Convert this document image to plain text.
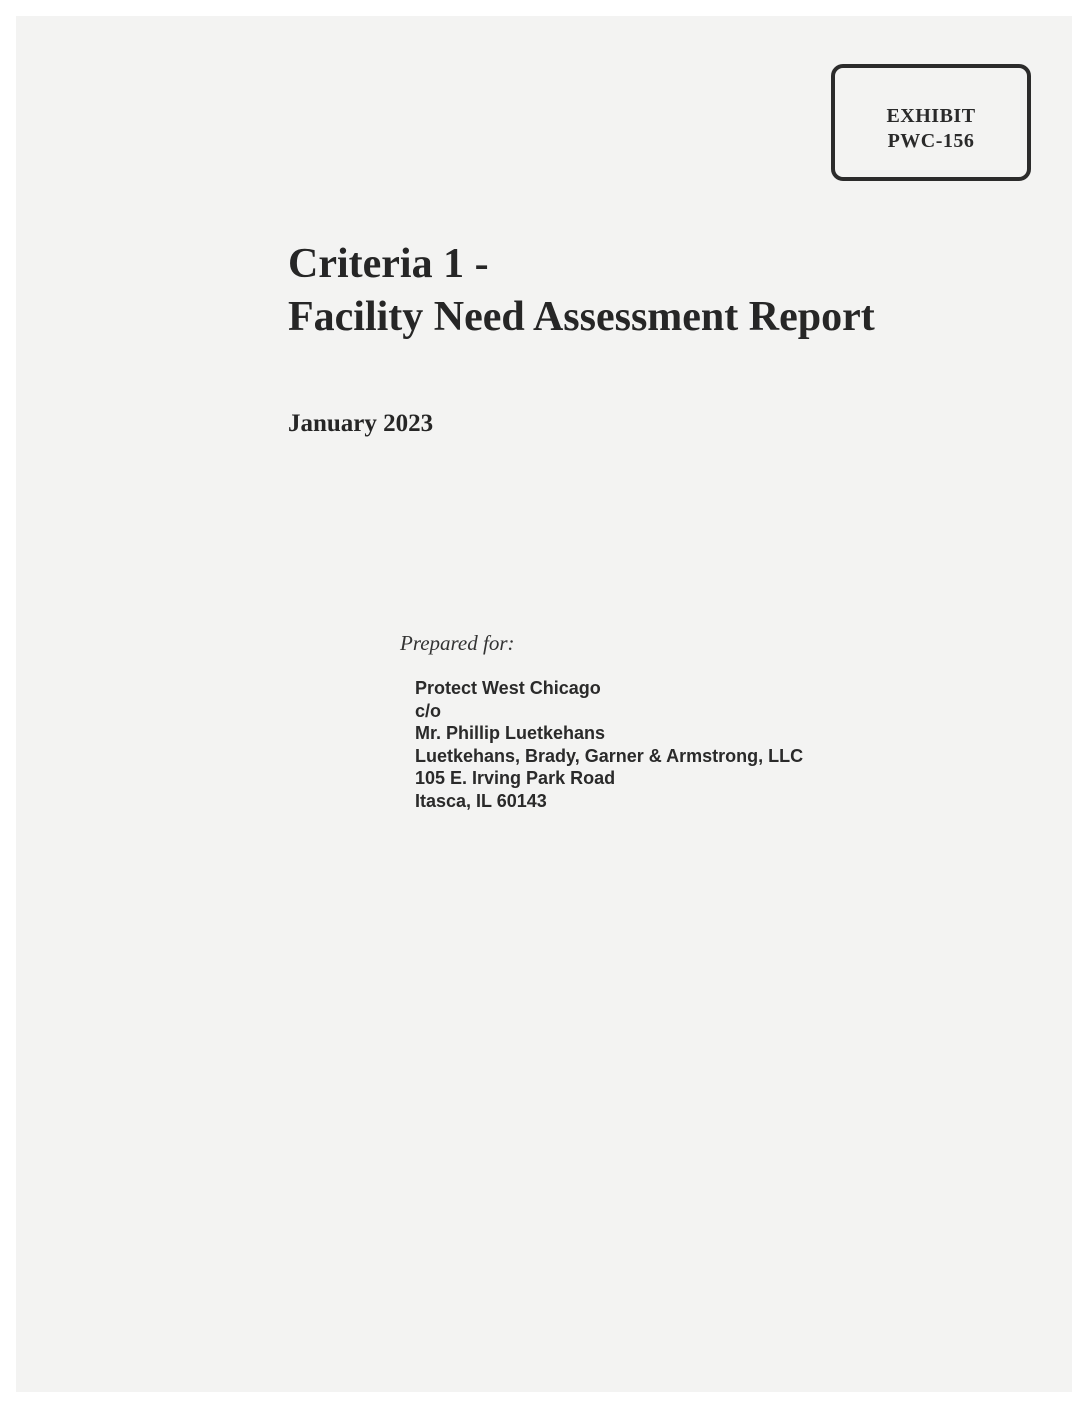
EXHIBIT
PWC-156
Criteria 1 -
Facility Need Assessment Report
January 2023
Prepared for:
Protect West Chicago
c/o
Mr. Phillip Luetkehans
Luetkehans, Brady, Garner & Armstrong, LLC
105 E. Irving Park Road
Itasca, IL 60143
